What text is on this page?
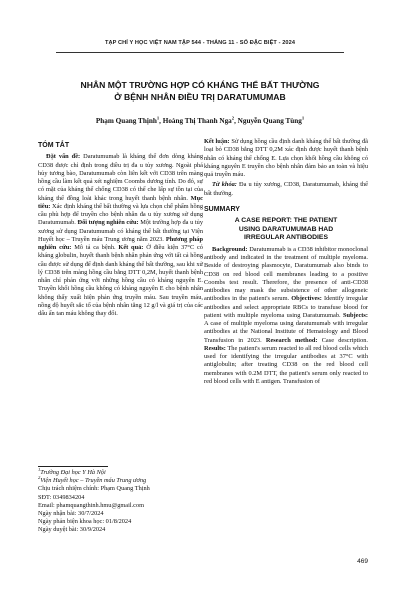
TẠP CHÍ Y HỌC VIỆT NAM TẬP 544 - THÁNG 11 - SỐ ĐẶC BIỆT - 2024
NHÂN MỘT TRƯỜNG HỢP CÓ KHÁNG THỂ BẤT THƯỜNG
Ở BỆNH NHÂN ĐIỀU TRỊ DARATUMUMAB
Phạm Quang Thịnh$^1$, Hoàng Thị Thanh Nga$^2$, Nguyễn Quang Tùng$^1$
TÓM TẮT

Đặt vấn đề: Daratumumab là kháng thể đơn dòng kháng CD38 được chỉ định trong điều trị đa u tủy xương. Ngoài phá hủy tương bào, Daratumumab còn liên kết với CD38 trên màng hồng cầu làm kết quả xét nghiệm Coombs dương tính. Do đó, sự có mặt của kháng thể chống CD38 có thể che lấp sự tồn tại của kháng thể đồng loài khác trong huyết thanh bệnh nhân. Mục tiêu: Xác định kháng thể bất thường và lựa chọn chế phẩm hồng cầu phù hợp để truyền cho bệnh nhân đa u tủy xương sử dụng Daratumumab. Đối tượng nghiên cứu: Một trường hợp đa u tủy xương sử dụng Daratumumab có kháng thể bất thường tại Viện Huyết học – Truyền máu Trung ương năm 2023. Phương pháp nghiên cứu: Mô tả ca bệnh. Kết quả: Ở điều kiện 37°C có kháng globulin, huyết thanh bệnh nhân phản ứng với tất cả hồng cầu được sử dụng để định danh kháng thể bất thường, sau khi xử lý CD38 trên màng hồng cầu bằng DTT 0,2M, huyết thanh bệnh nhân chỉ phản ứng với những hồng cầu có kháng nguyên E. Truyền khối hồng cầu không có kháng nguyên E cho bệnh nhân không thấy xuất hiện phản ứng truyền máu. Sau truyền máu, nồng độ huyết sắc tố của bệnh nhân tăng 12 g/l và giá trị của các dấu ấn tan máu không thay đổi.

$^1$Trường Đại học Y Hà Nội
$^2$Viện Huyết học – Truyền máu Trung ương
Chịu trách nhiệm chính: Phạm Quang Thịnh
SĐT: 0349834204
Email: phamquangthinh.hmu@gmail.com
Ngày nhận bài: 30/7/2024
Ngày phản biện khoa học: 01/8/2024
Ngày duyệt bài: 30/9/2024

Kết luận: Sử dụng hồng cầu định danh kháng thể bất thường đã loại bỏ CD38 bằng DTT 0,2M xác định được huyết thanh bệnh nhân có kháng thể chống E. Lựa chọn khối hồng cầu không có kháng nguyên E truyền cho bệnh nhân đảm bảo an toàn và hiệu quả truyền máu.

Từ khóa: Đa u tủy xương, CD38, Daratumumab, kháng thể bất thường.

SUMMARY
A CASE REPORT: THE PATIENT
USING DARATUMUMAB HAD
IRREGULAR ANTIBODIES

Background: Daratumumab is a CD38 inhibitor monoclonal antibody and indicated in the treatment of multiple myeloma. Beside of destroying plasmocyte, Daratumumab also binds to CD38 on red blood cell membranes leading to a positive Coombs test result. Therefore, the presence of anti-CD38 antibodies may mask the subsistence of other allogeneic antibodies in the patient's serum. Objectives: Identify irregular antibodies and select appropriate RBCs to transfuse blood for patient with multiple myeloma using Daratumumab. Subjects: A case of multiple myeloma using daratumumab with irregular antibodies at the National Institute of Hematology and Blood Transfusion in 2023. Research method: Case description. Results: The patient's serum reacted to all red blood cells which used for identifying the irregular antibodies at 37°C with antiglobulin; after treating CD38 on the red blood cell membranes with 0.2M DTT, the patient's serum only reacted to red blood cells with E antigen. Transfusion of

469
